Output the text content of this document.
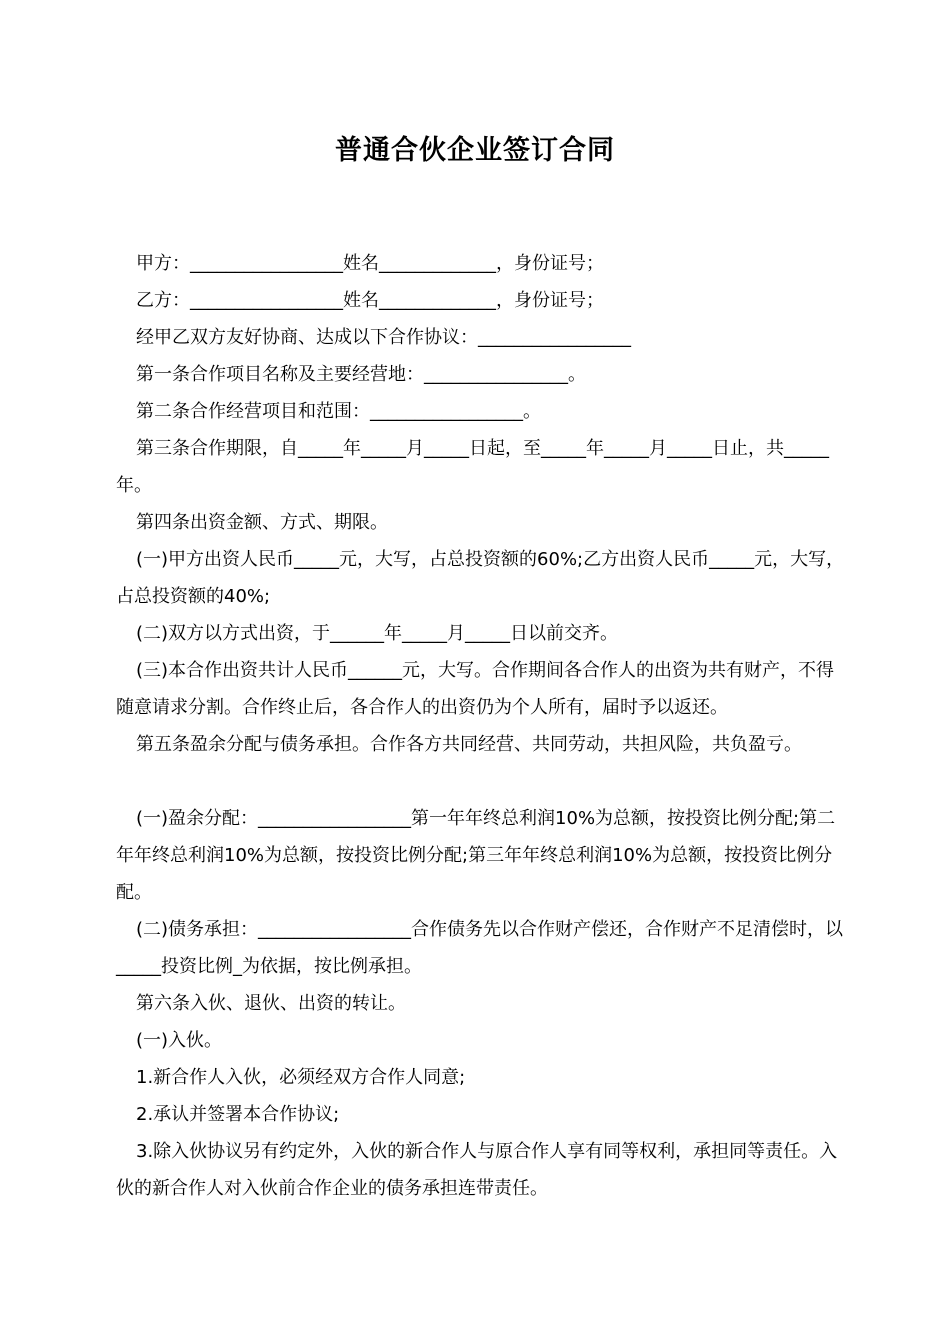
普通合伙企业签订合同

甲方：_________________姓名_____________，身份证号；

乙方：_________________姓名_____________，身份证号；

经甲乙双方友好协商、达成以下合作协议：_________________

第一条合作项目名称及主要经营地：________________。

第二条合作经营项目和范围：_________________。

第三条合作期限，自_____年_____月_____日起，至_____年_____月_____日止，共_____年。

第四条出资金额、方式、期限。

(一)甲方出资人民币_____元，大写，占总投资额的60%;乙方出资人民币_____元，大写，占总投资额的40%;

(二)双方以方式出资，于______年_____月_____日以前交齐。

(三)本合作出资共计人民币______元，大写。合作期间各合作人的出资为共有财产，不得随意请求分割。合作终止后，各合作人的出资仍为个人所有，届时予以返还。

第五条盈余分配与债务承担。合作各方共同经营、共同劳动，共担风险，共负盈亏。

(一)盈余分配：_________________第一年年终总利润10%为总额，按投资比例分配;第二年年终总利润10%为总额，按投资比例分配;第三年年终总利润10%为总额，按投资比例分配。

(二)债务承担：_________________合作债务先以合作财产偿还，合作财产不足清偿时，以_____投资比例_为依据，按比例承担。

第六条入伙、退伙、出资的转让。

(一)入伙。

1.新合作人入伙，必须经双方合作人同意;

2.承认并签署本合作协议;

3.除入伙协议另有约定外，入伙的新合作人与原合作人享有同等权利，承担同等责任。入伙的新合作人对入伙前合作企业的债务承担连带责任。
